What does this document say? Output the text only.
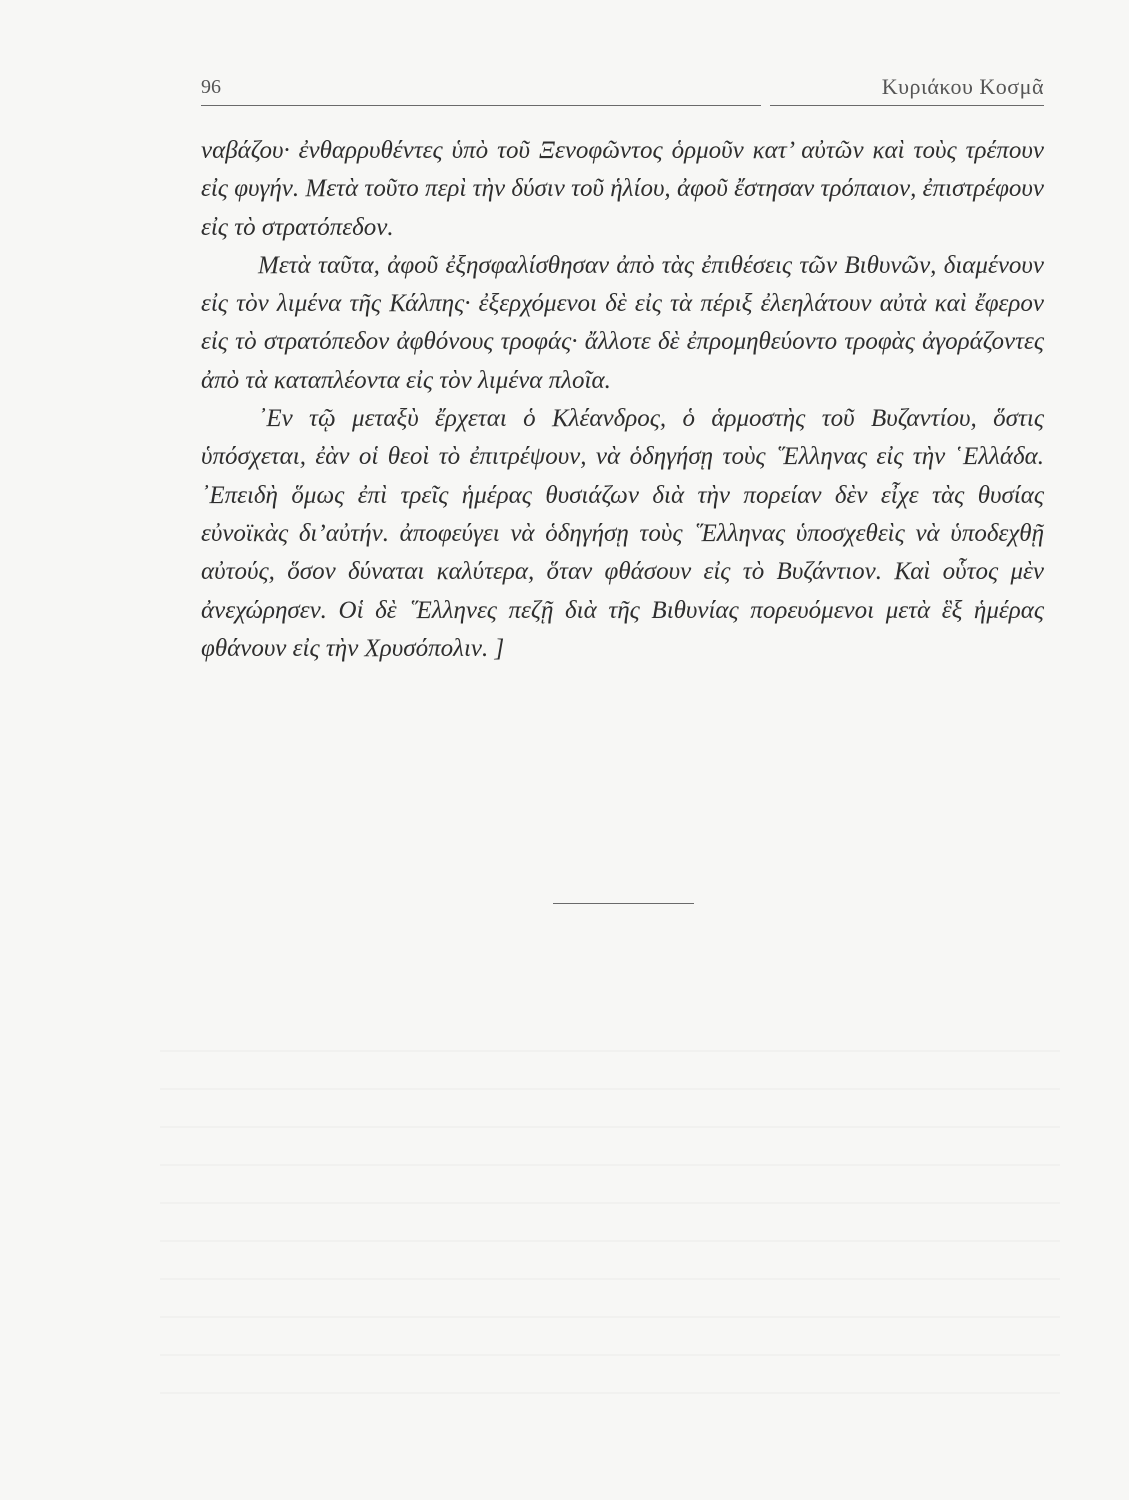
96	Κυριάκου Κοσμᾶ

ναβάζου· ἐνθαρρυθέντες ὑπὸ τοῦ Ξενοφῶντος ὁρμοῦν κατ’ αὐτῶν καὶ τοὺς τρέπουν εἰς φυγήν. Μετὰ τοῦτο περὶ τὴν δύσιν τοῦ ἡλίου, ἀφοῦ ἔστησαν τρόπαιον, ἐπιστρέφουν εἰς τὸ στρατόπεδον.

Μετὰ ταῦτα, ἀφοῦ ἐξησφαλίσθησαν ἀπὸ τὰς ἐπιθέσεις τῶν Βιθυνῶν, διαμένουν εἰς τὸν λιμένα τῆς Κάλπης· ἐξερχόμενοι δὲ εἰς τὰ πέριξ ἐλεηλάτουν αὐτὰ καὶ ἔφερον εἰς τὸ στρατόπεδον ἀφθόνους τροφάς· ἄλλοτε δὲ ἐπρομηθεύοντο τροφὰς ἀγοράζοντες ἀπὸ τὰ καταπλέοντα εἰς τὸν λιμένα πλοῖα.

᾿Εν τῷ μεταξὺ ἔρχεται ὁ Κλέανδρος, ὁ ἁρμοστὴς τοῦ Βυζαντίου, ὅστις ὑπόσχεται, ἐὰν οἱ θεοὶ τὸ ἐπιτρέψουν, νὰ ὁδηγήσῃ τοὺς ῞Ελληνας εἰς τὴν ῾Ελλάδα. ᾿Επειδὴ ὅμως ἐπὶ τρεῖς ἡμέρας θυσιάζων διὰ τὴν πορείαν δὲν εἶχε τὰς θυσίας εὐνοϊκὰς δι’αὐτήν. ἀποφεύγει νὰ ὁδηγήσῃ τοὺς ῞Ελληνας ὑποσχεθεὶς νὰ ὑποδεχθῇ αὐτούς, ὅσον δύναται καλύτερα, ὅταν φθάσουν εἰς τὸ Βυζάντιον. Καὶ οὗτος μὲν ἀνεχώρησεν. Οἱ δὲ ῞Ελληνες πεζῇ διὰ τῆς Βιθυνίας πορευόμενοι μετὰ ἓξ ἡμέρας φθάνουν εἰς τὴν Χρυσόπολιν. ]
